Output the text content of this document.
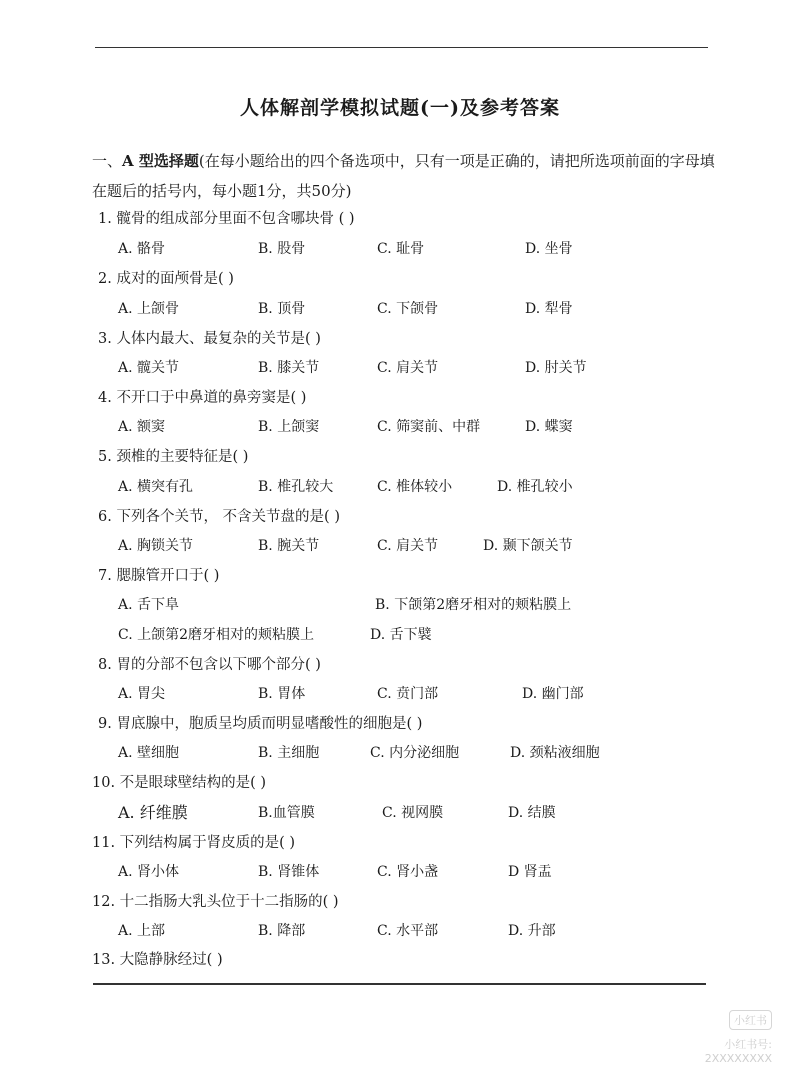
人体解剖学模拟试题(一)及参考答案
一、A 型选择题(在每小题给出的四个备选项中，只有一项是正确的，请把所选项前面的字母填在题后的括号内，每小题1分，共50分)
1. 髋骨的组成部分里面不包含哪块骨 ( )
A. 骼骨	B. 股骨	C. 耻骨	D. 坐骨
2. 成对的面颅骨是( )
A. 上颌骨	B. 顶骨	C. 下颌骨	D. 犁骨
3. 人体内最大、最复杂的关节是( )
A. 髋关节	B. 膝关节	C. 肩关节	D. 肘关节
4. 不开口于中鼻道的鼻旁窦是( )
A. 额窦	B. 上颌窦	C. 筛窦前、中群	D. 蝶窦
5. 颈椎的主要特征是( )
A. 横突有孔	B. 椎孔较大	C. 椎体较小	D. 椎孔较小
6. 下列各个关节， 不含关节盘的是( )
A. 胸锁关节	B. 腕关节	C. 肩关节	D. 颞下颌关节
7. 腮腺管开口于( )
A. 舌下阜	B. 下颌第2磨牙相对的颊粘膜上
C. 上颌第2磨牙相对的颊粘膜上	D. 舌下襞
8. 胃的分部不包含以下哪个部分( )
A. 胃尖	B. 胃体	C. 贲门部	D. 幽门部
9. 胃底腺中，胞质呈均质而明显嗜酸性的细胞是( )
A. 壁细胞	B. 主细胞	C. 内分泌细胞	D. 颈粘液细胞
10. 不是眼球壁结构的是( )
A. 纤维膜	B.血管膜	C. 视网膜	D. 结膜
11. 下列结构属于肾皮质的是( )
A. 肾小体	B. 肾锥体	C. 肾小盏	D 肾盂
12. 十二指肠大乳头位于十二指肠的( )
A. 上部	B. 降部	C. 水平部	D. 升部
13. 大隐静脉经过( )
小红书
小红书号: 2XXXXXXXX
